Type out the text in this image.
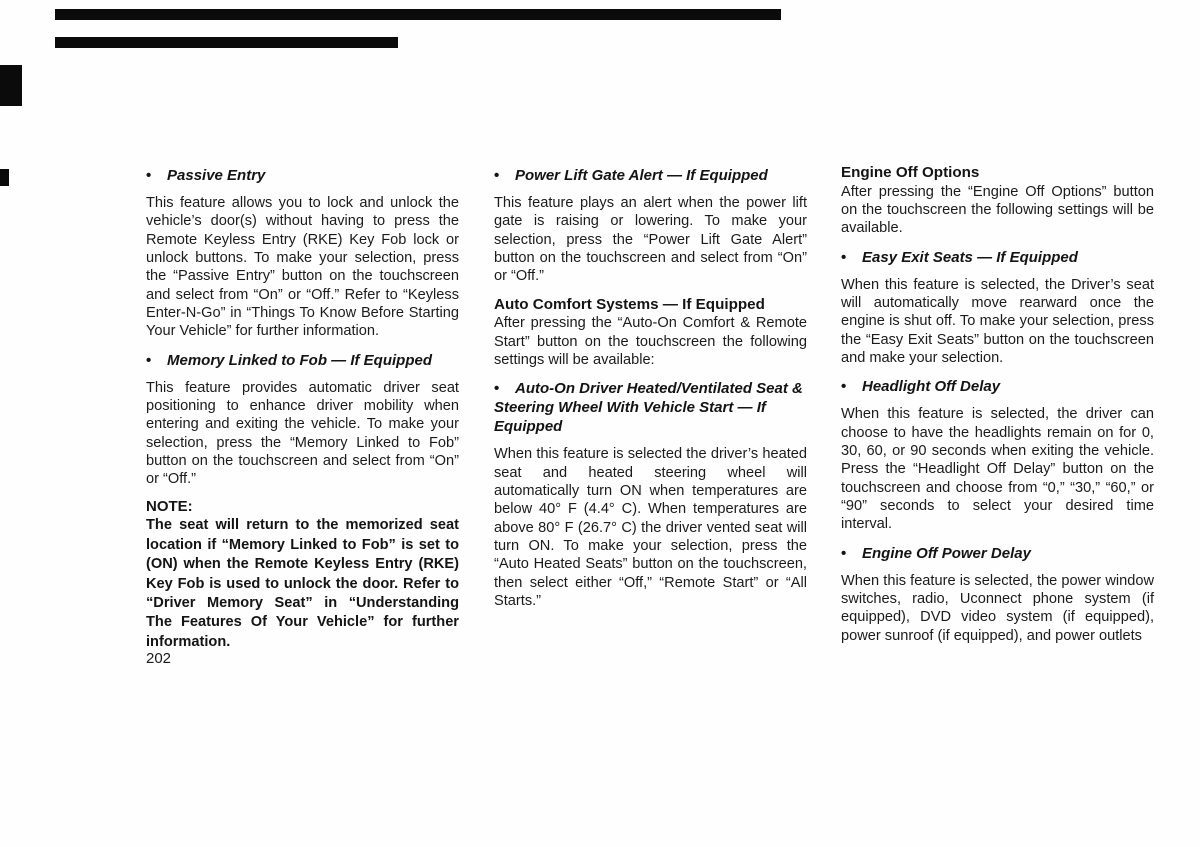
• Passive Entry

This feature allows you to lock and unlock the vehicle’s door(s) without having to press the Remote Keyless Entry (RKE) Key Fob lock or unlock buttons. To make your selection, press the “Passive Entry” button on the touchscreen and select from “On” or “Off.” Refer to “Keyless Enter-N-Go” in “Things To Know Before Starting Your Vehicle” for further information.

• Memory Linked to Fob — If Equipped

This feature provides automatic driver seat positioning to enhance driver mobility when entering and exiting the vehicle. To make your selection, press the “Memory Linked to Fob” button on the touchscreen and select from “On” or “Off.”

NOTE:

The seat will return to the memorized seat location if “Memory Linked to Fob” is set to (ON) when the Remote Keyless Entry (RKE) Key Fob is used to unlock the door. Refer to “Driver Memory Seat” in “Understanding The Features Of Your Vehicle” for further information.

• Power Lift Gate Alert — If Equipped

This feature plays an alert when the power lift gate is raising or lowering. To make your selection, press the “Power Lift Gate Alert” button on the touchscreen and select from “On” or “Off.”

Auto Comfort Systems — If Equipped

After pressing the “Auto-On Comfort & Remote Start” button on the touchscreen the following settings will be available:

• Auto-On Driver Heated/Ventilated Seat & Steering Wheel With Vehicle Start — If Equipped

When this feature is selected the driver’s heated seat and heated steering wheel will automatically turn ON when temperatures are below 40° F (4.4° C). When temperatures are above 80° F (26.7° C) the driver vented seat will turn ON. To make your selection, press the “Auto Heated Seats” button on the touchscreen, then select either “Off,” “Remote Start” or “All Starts.”

Engine Off Options

After pressing the “Engine Off Options” button on the touchscreen the following settings will be available.

• Easy Exit Seats — If Equipped

When this feature is selected, the Driver’s seat will automatically move rearward once the engine is shut off. To make your selection, press the “Easy Exit Seats” button on the touchscreen and make your selection.

• Headlight Off Delay

When this feature is selected, the driver can choose to have the headlights remain on for 0, 30, 60, or 90 seconds when exiting the vehicle. Press the “Headlight Off Delay” button on the touchscreen and choose from “0,” “30,” “60,” or “90” seconds to select your desired time interval.

• Engine Off Power Delay

When this feature is selected, the power window switches, radio, Uconnect phone system (if equipped), DVD video system (if equipped), power sunroof (if equipped), and power outlets

202
